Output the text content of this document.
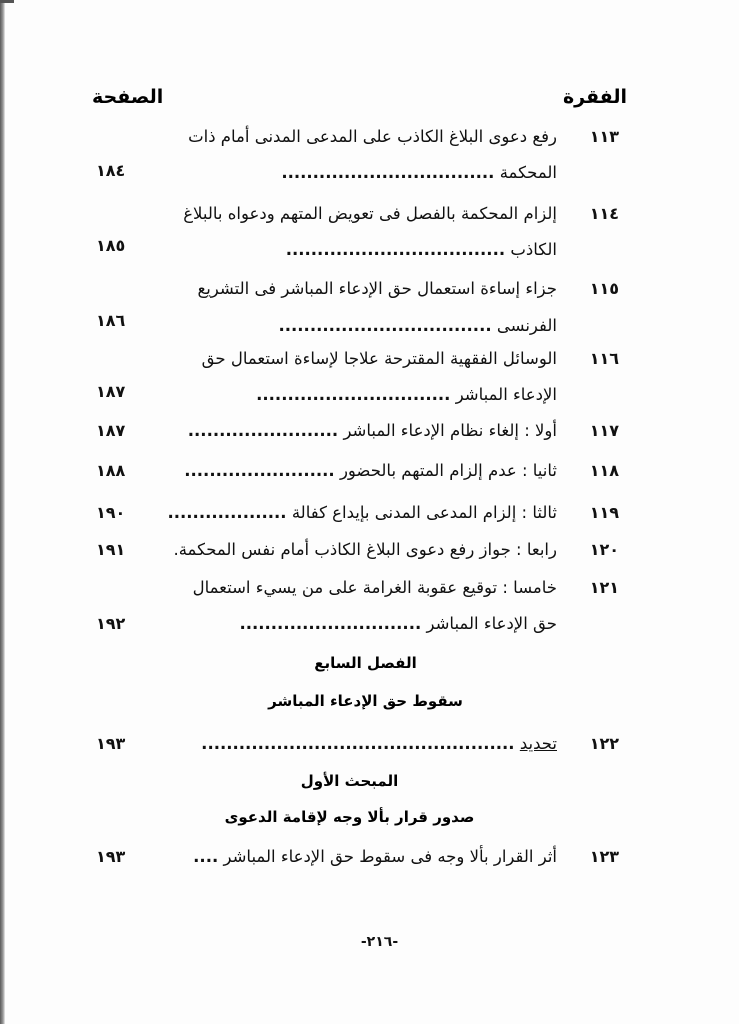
الفقرة
الصفحة
١١٣
رفع دعوى البلاغ الكاذب على المدعى المدنى أمام ذات
المحكمة ..................................
١٨٤
١١٤
إلزام المحكمة بالفصل فى تعويض المتهم ودعواه بالبلاغ
الكاذب ...................................
١٨٥
١١٥
جزاء إساءة استعمال حق الإدعاء المباشر فى التشريع
الفرنسى ..................................
١٨٦
١١٦
الوسائل الفقهية المقترحة علاجا لإساءة استعمال حق
الإدعاء المباشر ...............................
١٨٧
١١٧
أولا : إلغاء نظام الإدعاء المباشر ........................
١٨٧
١١٨
ثانيا : عدم إلزام المتهم بالحضور ........................
١٨٨
١١٩
ثالثا : إلزام المدعى المدنى بإيداع كفالة ...................
١٩٠
١٢٠
رابعا : جواز رفع دعوى البلاغ الكاذب أمام نفس المحكمة.
١٩١
١٢١
خامسا : توقيع عقوبة الغرامة على من يسيء استعمال
حق الإدعاء المباشر .............................
١٩٢
الفصل السابع
سقوط حق الإدعاء المباشر
١٢٢
تحديد ..................................................
١٩٣
المبحث الأول
صدور قرار بألا وجه لإقامة الدعوى
١٢٣
أثر القرار بألا وجه فى سقوط حق الإدعاء المباشر ....
١٩٣
-٢١٦-
